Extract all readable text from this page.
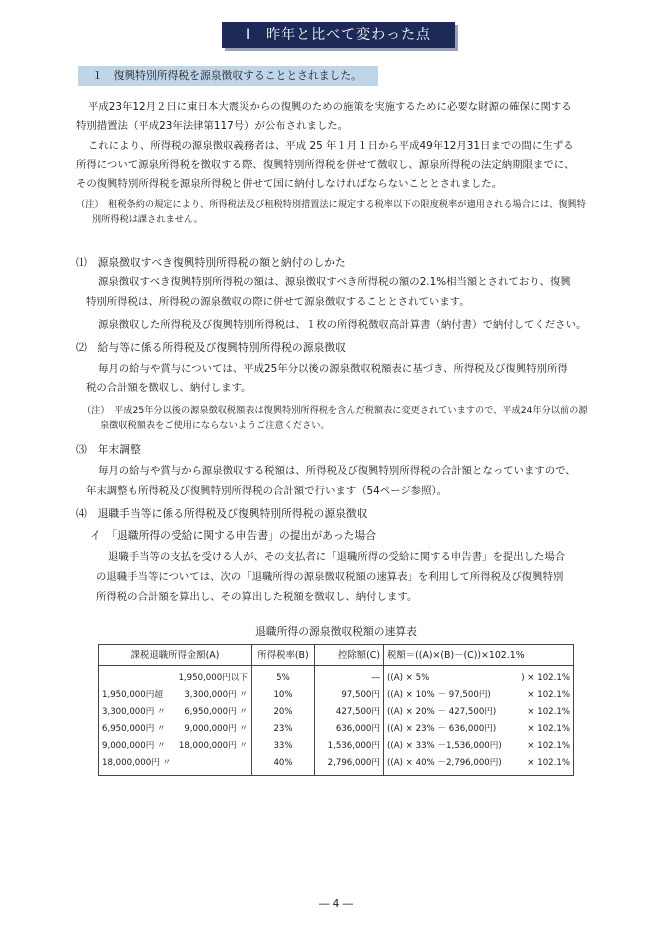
Ⅰ　昨年と比べて変わった点
１　復興特別所得税を源泉徴収することとされました。
平成23年12月２日に東日本大震災からの復興のための施策を実施するために必要な財源の確保に関する
特別措置法（平成23年法律第117号）が公布されました。
これにより、所得税の源泉徴収義務者は、平成 25 年１月１日から平成49年12月31日までの間に生ずる
所得について源泉所得税を徴収する際、復興特別所得税を併せて徴収し、源泉所得税の法定納期限までに、
その復興特別所得税を源泉所得税と併せて国に納付しなければならないこととされました。
（注）　租税条約の規定により、所得税法及び租税特別措置法に規定する税率以下の限度税率が適用される場合には、復興特
別所得税は課されません。
⑴　源泉徴収すべき復興特別所得税の額と納付のしかた
源泉徴収すべき復興特別所得税の額は、源泉徴収すべき所得税の額の2.1%相当額とされており、復興
特別所得税は、所得税の源泉徴収の際に併せて源泉徴収することとされています。
源泉徴収した所得税及び復興特別所得税は、１枚の所得税徴収高計算書（納付書）で納付してください。
⑵　給与等に係る所得税及び復興特別所得税の源泉徴収
毎月の給与や賞与については、平成25年分以後の源泉徴収税額表に基づき、所得税及び復興特別所得
税の合計額を徴収し、納付します。
（注）　平成25年分以後の源泉徴収税額表は復興特別所得税を含んだ税額表に変更されていますので、平成24年分以前の源
泉徴収税額表をご使用にならないようご注意ください。
⑶　年末調整
毎月の給与や賞与から源泉徴収する税額は、所得税及び復興特別所得税の合計額となっていますので、
年末調整も所得税及び復興特別所得税の合計額で行います（54ページ参照）。
⑷　退職手当等に係る所得税及び復興特別所得税の源泉徴収
イ　「退職所得の受給に関する申告書」の提出があった場合
退職手当等の支払を受ける人が、その支払者に「退職所得の受給に関する申告書」を提出した場合
の退職手当等については、次の「退職所得の源泉徴収税額の速算表」を利用して所得税及び復興特別
所得税の合計額を算出し、その算出した税額を徴収し、納付します。
退職所得の源泉徴収税額の速算表
課税退職所得金額(A)	所得税率(B)	控除額(C)	税額＝((A)×(B)－(C))×102.1%

1,950,000円以下	5%	―	((A) × 5% ) × 102.1%

1,950,000円超 3,300,000円 〃	10%	97,500円	((A) × 10% － 97,500円) × 102.1%

3,300,000円 〃 6,950,000円 〃	20%	427,500円	((A) × 20% － 427,500円) × 102.1%

6,950,000円 〃 9,000,000円 〃	23%	636,000円	((A) × 23% － 636,000円) × 102.1%

9,000,000円 〃 18,000,000円 〃	33%	1,536,000円	((A) × 33% －1,536,000円) × 102.1%

18,000,000円 〃	40%	2,796,000円	((A) × 40% －2,796,000円) × 102.1%
― 4 ―
